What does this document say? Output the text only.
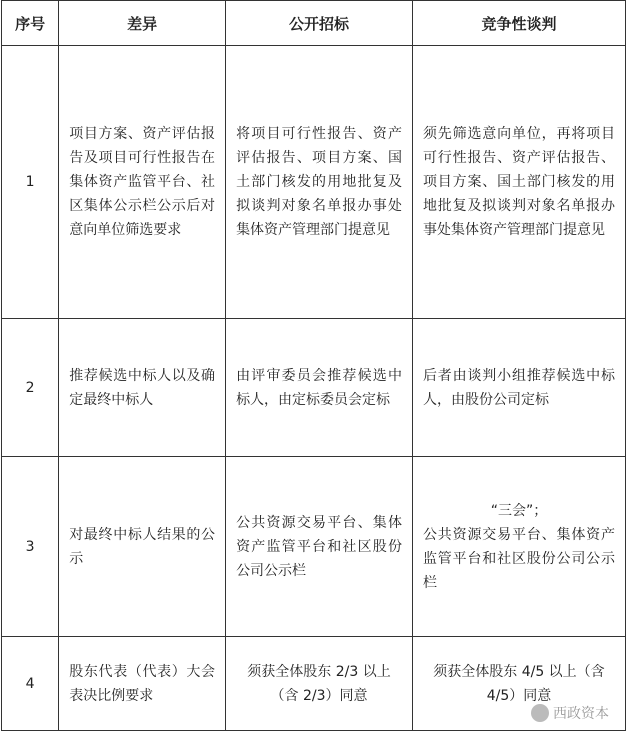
序号	差异	公开招标	竞争性谈判
1	项目方案、资产评估报告及项目可行性报告在集体资产监管平台、社区集体公示栏公示后对意向单位筛选要求	将项目可行性报告、资产评估报告、项目方案、国土部门核发的用地批复及拟谈判对象名单报办事处集体资产管理部门提意见	须先筛选意向单位，再将项目可行性报告、资产评估报告、项目方案、国土部门核发的用地批复及拟谈判对象名单报办事处集体资产管理部门提意见
2	推荐候选中标人以及确定最终中标人	由评审委员会推荐候选中标人，由定标委员会定标	后者由谈判小组推荐候选中标人，由股份公司定标
3	对最终中标人结果的公示	公共资源交易平台、集体资产监管平台和社区股份公司公示栏	“三会”；
公共资源交易平台、集体资产监管平台和社区股份公司公示栏

4	股东代表（代表）大会表决比例要求	须获全体股东 2/3 以上（含 2/3）同意	须获全体股东 4/5 以上（含 4/5）同意
西政资本
